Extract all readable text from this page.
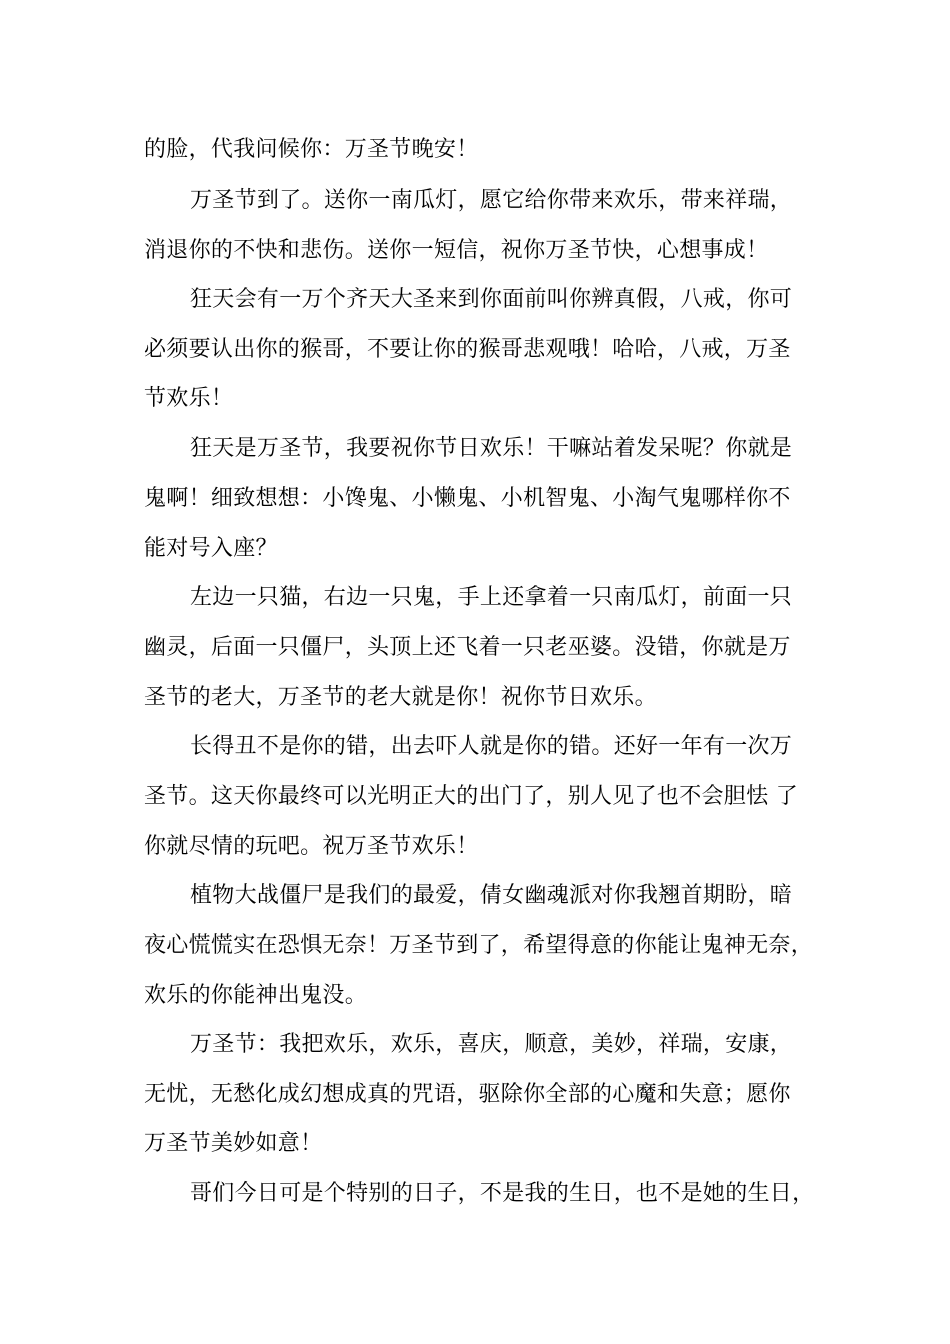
的脸，代我问候你：万圣节晚安！
万圣节到了。送你一南瓜灯，愿它给你带来欢乐，带来祥瑞，
消退你的不快和悲伤。送你一短信，祝你万圣节快，心想事成！
狂天会有一万个齐天大圣来到你面前叫你辨真假，八戒，你可
必须要认出你的猴哥，不要让你的猴哥悲观哦！哈哈，八戒，万圣
节欢乐！
狂天是万圣节，我要祝你节日欢乐！干嘛站着发呆呢？你就是
鬼啊！细致想想：小馋鬼、小懒鬼、小机智鬼、小淘气鬼哪样你不
能对号入座？
左边一只猫，右边一只鬼，手上还拿着一只南瓜灯，前面一只
幽灵，后面一只僵尸，头顶上还飞着一只老巫婆。没错，你就是万
圣节的老大，万圣节的老大就是你！祝你节日欢乐。
长得丑不是你的错，出去吓人就是你的错。还好一年有一次万
圣节。这天你最终可以光明正大的出门了，别人见了也不会胆怯 了
你就尽情的玩吧。祝万圣节欢乐！
植物大战僵尸是我们的最爱，倩女幽魂派对你我翘首期盼，暗
夜心慌慌实在恐惧无奈！万圣节到了，希望得意的你能让鬼神无奈，
欢乐的你能神出鬼没。
万圣节：我把欢乐，欢乐，喜庆，顺意，美妙，祥瑞，安康，
无忧，无愁化成幻想成真的咒语，驱除你全部的心魔和失意；愿你
万圣节美妙如意！
哥们今日可是个特别的日子，不是我的生日，也不是她的生日，
